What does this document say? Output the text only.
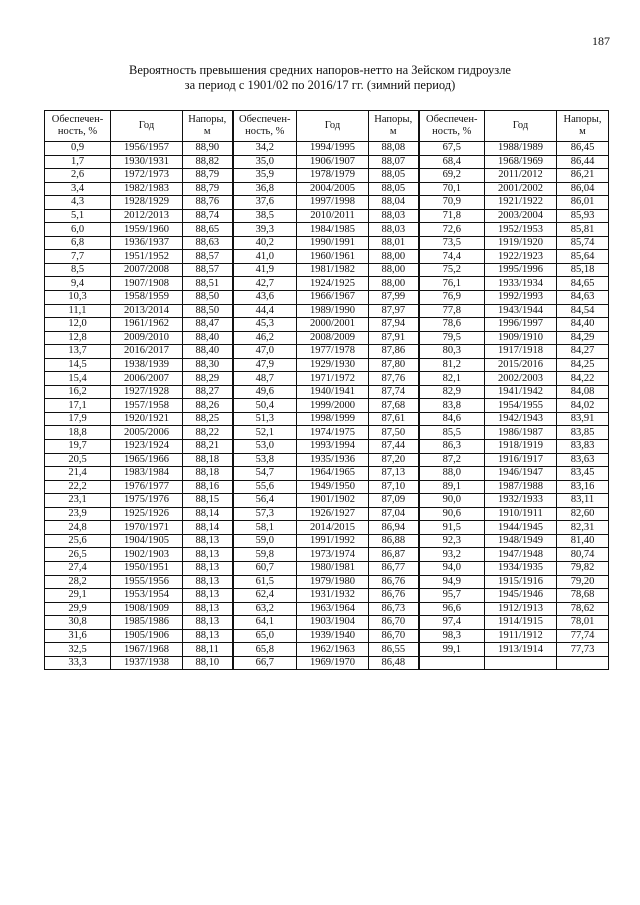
187
Вероятность превышения средних напоров-нетто на Зейском гидроузле
за период с 1901/02 по 2016/17 гг. (зимний период)
Обеспечен-
ность, %	Год	Напоры,
м	Обеспечен-
ность, %	Год	Напоры,
м	Обеспечен-
ность, %	Год	Напоры,
м
0,9	1956/1957	88,90	34,2	1994/1995	88,08	67,5	1988/1989	86,45
1,7	1930/1931	88,82	35,0	1906/1907	88,07	68,4	1968/1969	86,44
2,6	1972/1973	88,79	35,9	1978/1979	88,05	69,2	2011/2012	86,21
3,4	1982/1983	88,79	36,8	2004/2005	88,05	70,1	2001/2002	86,04
4,3	1928/1929	88,76	37,6	1997/1998	88,04	70,9	1921/1922	86,01
5,1	2012/2013	88,74	38,5	2010/2011	88,03	71,8	2003/2004	85,93
6,0	1959/1960	88,65	39,3	1984/1985	88,03	72,6	1952/1953	85,81
6,8	1936/1937	88,63	40,2	1990/1991	88,01	73,5	1919/1920	85,74
7,7	1951/1952	88,57	41,0	1960/1961	88,00	74,4	1922/1923	85,64
8,5	2007/2008	88,57	41,9	1981/1982	88,00	75,2	1995/1996	85,18
9,4	1907/1908	88,51	42,7	1924/1925	88,00	76,1	1933/1934	84,65
10,3	1958/1959	88,50	43,6	1966/1967	87,99	76,9	1992/1993	84,63
11,1	2013/2014	88,50	44,4	1989/1990	87,97	77,8	1943/1944	84,54
12,0	1961/1962	88,47	45,3	2000/2001	87,94	78,6	1996/1997	84,40
12,8	2009/2010	88,40	46,2	2008/2009	87,91	79,5	1909/1910	84,29
13,7	2016/2017	88,40	47,0	1977/1978	87,86	80,3	1917/1918	84,27
14,5	1938/1939	88,30	47,9	1929/1930	87,80	81,2	2015/2016	84,25
15,4	2006/2007	88,29	48,7	1971/1972	87,76	82,1	2002/2003	84,22
16,2	1927/1928	88,27	49,6	1940/1941	87,74	82,9	1941/1942	84,08
17,1	1957/1958	88,26	50,4	1999/2000	87,68	83,8	1954/1955	84,02
17,9	1920/1921	88,25	51,3	1998/1999	87,61	84,6	1942/1943	83,91
18,8	2005/2006	88,22	52,1	1974/1975	87,50	85,5	1986/1987	83,85
19,7	1923/1924	88,21	53,0	1993/1994	87,44	86,3	1918/1919	83,83
20,5	1965/1966	88,18	53,8	1935/1936	87,20	87,2	1916/1917	83,63
21,4	1983/1984	88,18	54,7	1964/1965	87,13	88,0	1946/1947	83,45
22,2	1976/1977	88,16	55,6	1949/1950	87,10	89,1	1987/1988	83,16
23,1	1975/1976	88,15	56,4	1901/1902	87,09	90,0	1932/1933	83,11
23,9	1925/1926	88,14	57,3	1926/1927	87,04	90,6	1910/1911	82,60
24,8	1970/1971	88,14	58,1	2014/2015	86,94	91,5	1944/1945	82,31
25,6	1904/1905	88,13	59,0	1991/1992	86,88	92,3	1948/1949	81,40
26,5	1902/1903	88,13	59,8	1973/1974	86,87	93,2	1947/1948	80,74
27,4	1950/1951	88,13	60,7	1980/1981	86,77	94,0	1934/1935	79,82
28,2	1955/1956	88,13	61,5	1979/1980	86,76	94,9	1915/1916	79,20
29,1	1953/1954	88,13	62,4	1931/1932	86,76	95,7	1945/1946	78,68
29,9	1908/1909	88,13	63,2	1963/1964	86,73	96,6	1912/1913	78,62
30,8	1985/1986	88,13	64,1	1903/1904	86,70	97,4	1914/1915	78,01
31,6	1905/1906	88,13	65,0	1939/1940	86,70	98,3	1911/1912	77,74
32,5	1967/1968	88,11	65,8	1962/1963	86,55	99,1	1913/1914	77,73
33,3	1937/1938	88,10	66,7	1969/1970	86,48			
